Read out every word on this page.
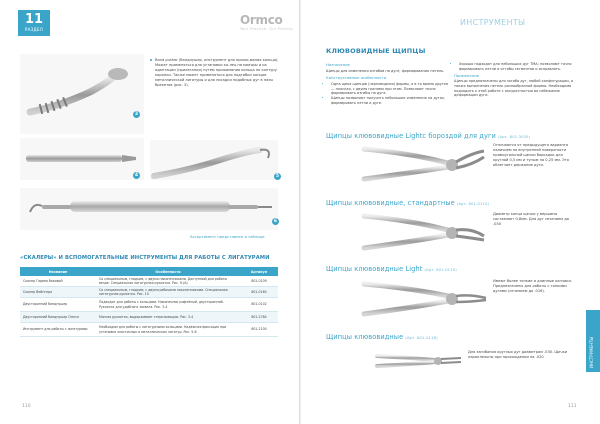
11
РАЗДЕЛ
Ormco
Your Practice. Our Priority.
3

Band pusher (бандпушер, инструмент для прижи-мания кольца). Может применяться для установки ко-лец на моляры и их адаптации (прилегания) путем прижимания кольца по контуру коронки. Также может применяться для подгибки концов металлической лигатуры и для посадки подобных дуг в пазы брекетов (рис. 3).

4	5
6
Ассортимент представлен в таблице
«СКАЛЕРЫ» И ВСПОМОГАТЕЛЬНЫЕ ИНСТРУМЕНТЫ ДЛЯ РАБОТЫ С ЛИГАТУРАМИ
Название	Особенности	Артикул
Скалер Гарвея боковой	Со специальным, гладким, с двумя наконечниками. Доступный для работы везде. Специальная лигатурная рукоятка. Рис. 9-(A)	801-0109
Скалер Вейнгера	Со специальным, гладким, с двумя рабочими наконечниками. Специальная лигатурная рукоятка. Рис. 10	801-0160
Двусторонний бандпушер	Подходит для работы с кольцами. Наконечник рифлёный, двусторонний. Рукоятка для удобного захвата. Рис. 3-4	801-0102
Двусторонний бандпушер Ormco	Мягкая рукоятка, выдерживает стерилизацию. Рис. 3-4	801-2784
Инструмент для работы с лигатурами	Необходим для работы с лигатурными кольцами. Надёжная фиксация при установке эластичных и металлических лигатур. Рис. 5-6	801-2100
110
ИНСТРУМЕНТЫ
КЛЮВОВИДНЫЕ ЩИПЦЫ
Назначение

Щипцы для изменения изгибов на дуге, формирования петель.

Конструктивные особенности
• Одна щека щипцов (черновидная) формы, а в то время другая — плоская, с двумя гранями при этом. Позволяют точно формировать изгибы на дуге.
• Щипцы позволяют получить небольшие изменения на дугах, формировать петли и дуге.
• Хорошо подходят для небольших дуг TMA; позволяют точно формировать петли и отгибы сегментов и исправлять.
Применение

Щипцы предназначены для загиба дуг, любой конфигурации, а также выполнения петель разнообразной формы. Необходимо подходить к этой работе с аккуратностью во избежание деформации дуги.

Щипцы клювовидные Lightc бороздой для дуги (Арт. 801-3035)

Отличаются от предыдущего варианта наличием на внутренней поверхности прямоугольной щечки бороздки для круглой 0,5 мм и тупым на 0,25 мм. Это облегчает держание дуги.

Щипцы клювовидные, стандартные (Арт. 801-0110)

Диаметр конца щечки у вершины составляет 0,8мм. Для дуг сечением до .030

Щипцы клювовидные Light (Арт. 801-0110)

Имеют более тонкие и длинные кончики. Предназначены для работы с тонкими дугами (сечением до .016).

Щипцы клювовидные (Арт. 801-0118)

Для загибания круглых дуг диаметром .030. Щечки параллельны при прохождении на .020	ИНСТРУМЕНТЫ
111
